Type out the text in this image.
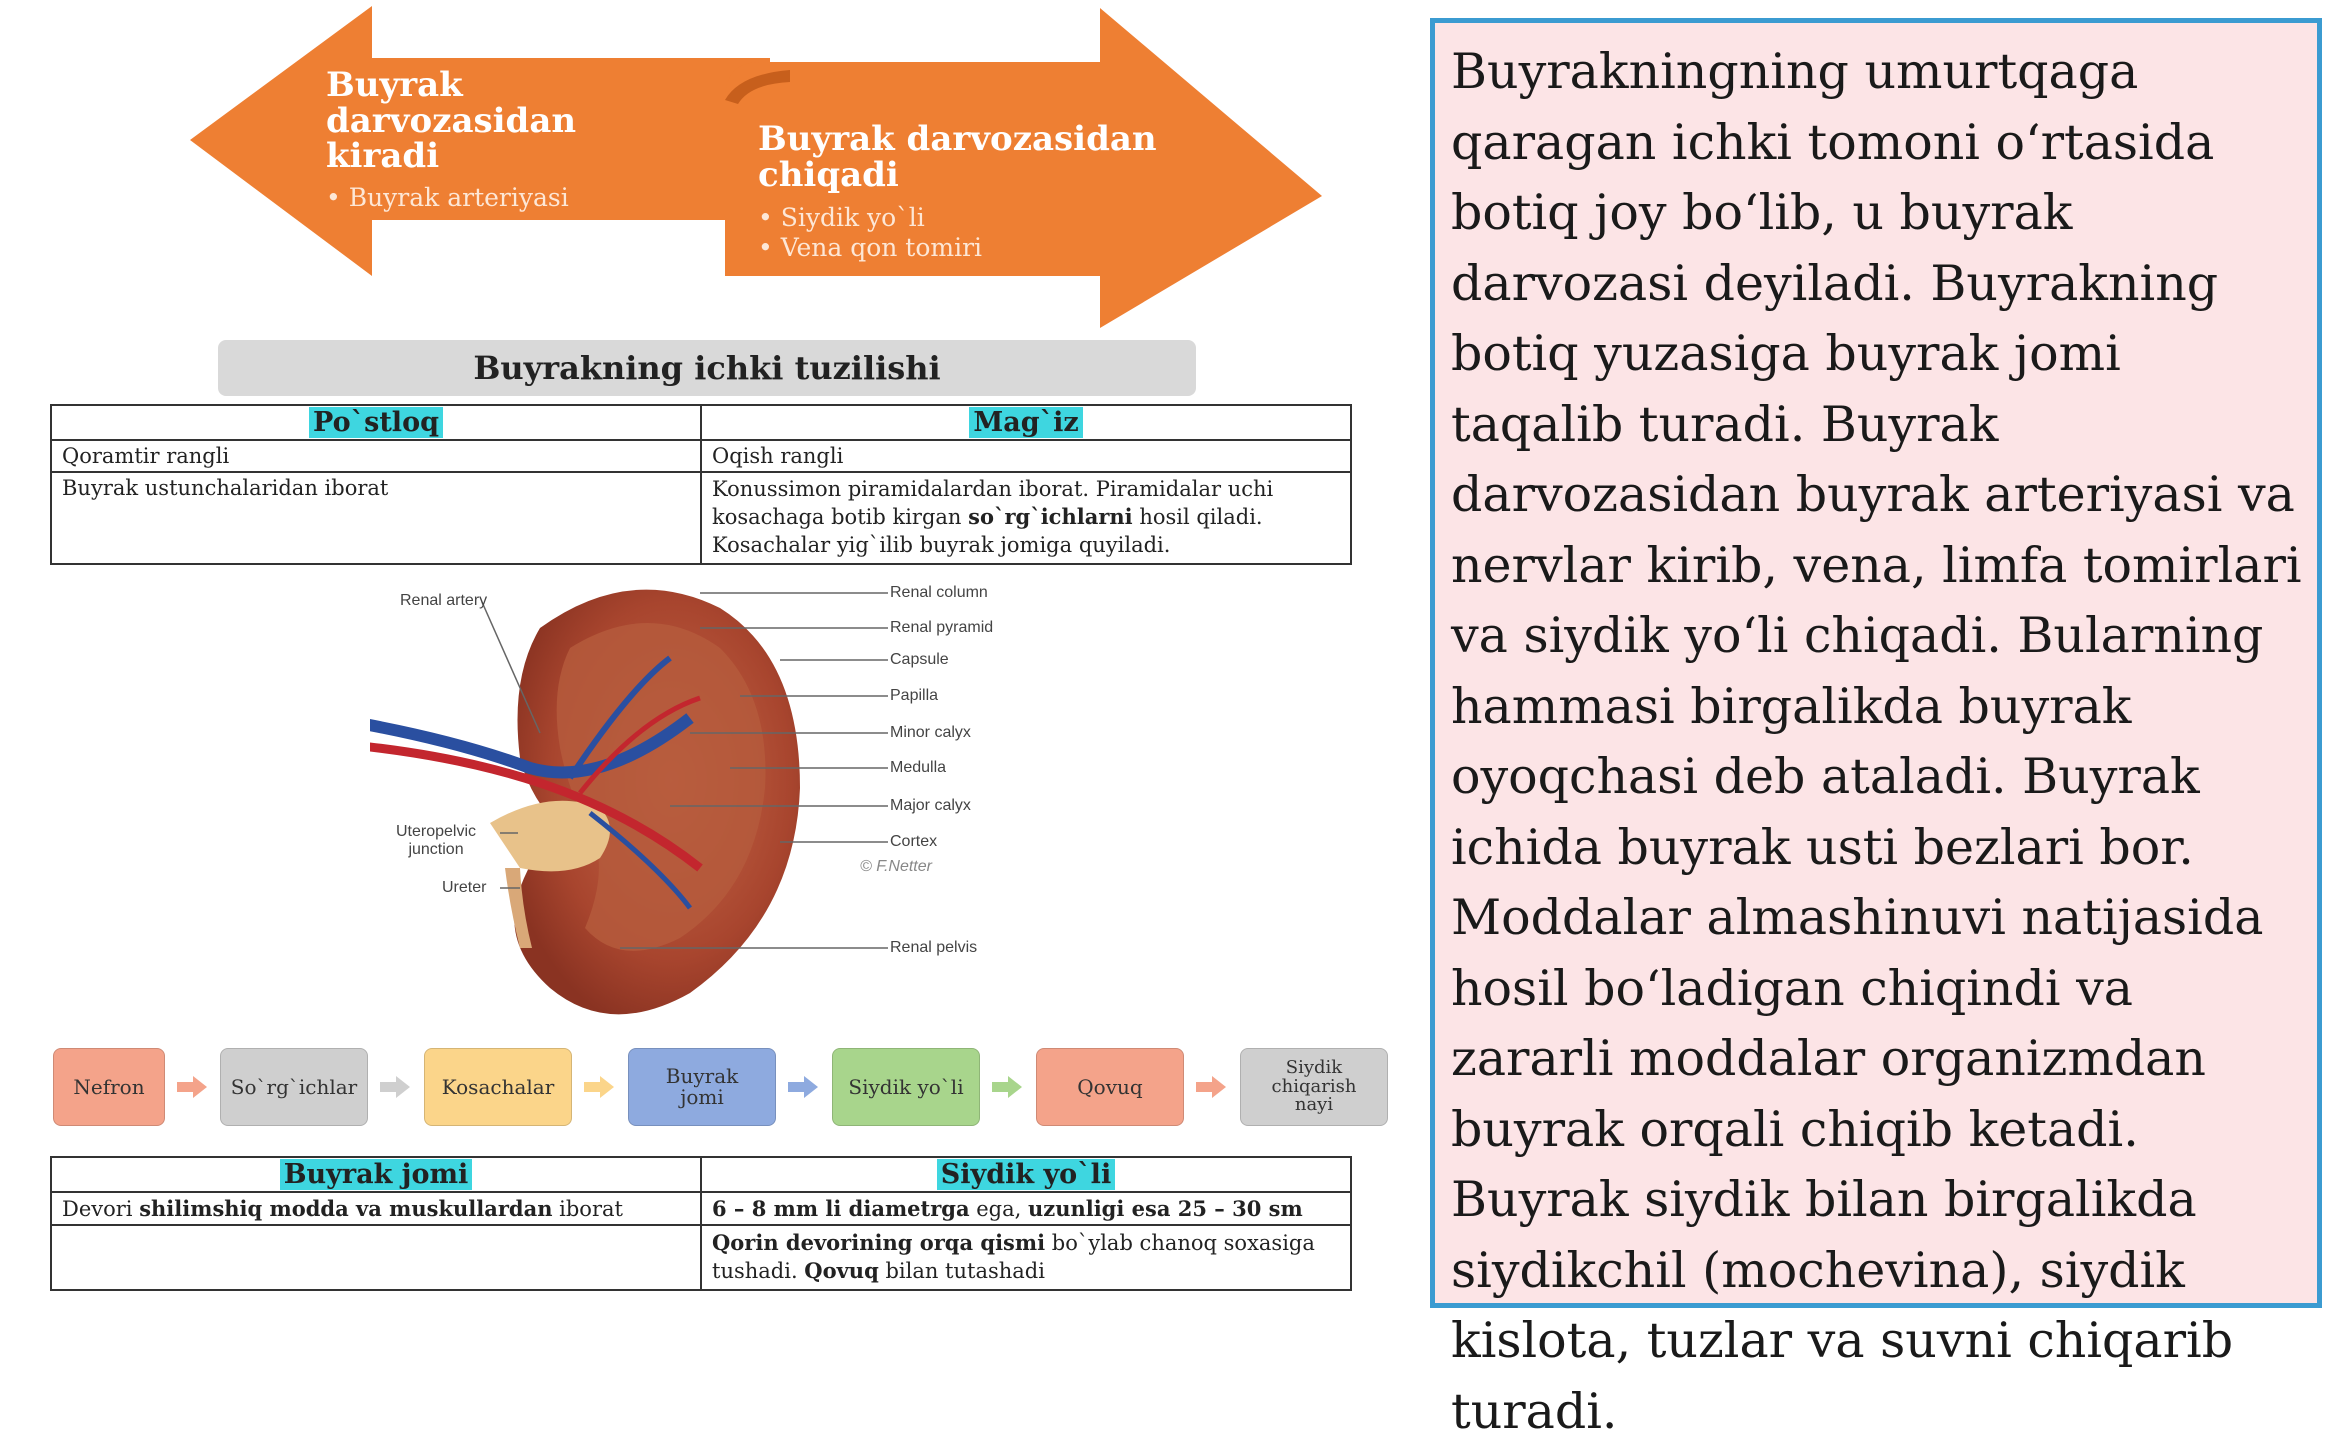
Buyrak
darvozasidan
kiradi
• Buyrak arteriyasi
Buyrak darvozasidan
chiqadi
• Siydik yo`li
• Vena qon tomiri
Buyrakning ichki tuzilishi
Po`stloq	Mag`iz
Qoramtir rangli	Oqish rangli
Buyrak ustunchalaridan iborat	Konussimon piramidalardan iborat. Piramidalar uchi kosachaga botib kirgan so`rg`ichlarni hosil qiladi. Kosachalar yig`ilib buyrak jomiga quyiladi.
Renal artery	Renal column
Renal pyramid
Capsule
Papilla
Minor calyx
Medulla
Major calyx
Cortex
© F.Netter
Renal pelvis
Uteropelvic
junction
Ureter
Nefron	So`rg`ichlar	Kosachalar	Buyrak
jomi	Siydik yo`li	Qovuq
Siydik
chiqarish
nayi
Buyrak jomi	Siydik yo`li
Devori shilimshiq modda va muskullardan iborat	6 – 8 mm li diametrga ega, uzunligi esa 25 – 30 sm
	Qorin devorining orqa qismi bo`ylab chanoq soxasiga tushadi. Qovuq bilan tutashadi

Buyrakningning umurtqaga qaragan ichki tomoni o‘rtasida botiq joy bo‘lib, u buyrak darvozasi deyiladi. Buyrakning botiq yuzasiga buyrak jomi taqalib turadi. Buyrak darvozasidan buyrak arteriyasi va nervlar kirib, vena, limfa tomirlari va siydik yo‘li chiqadi. Bularning hammasi birgalikda buyrak oyoqchasi deb ataladi. Buyrak ichida buyrak usti bezlari bor. Moddalar almashinuvi natijasida hosil bo‘ladigan chiqindi va zararli moddalar organizmdan buyrak orqali chiqib ketadi. Buyrak siydik bilan birgalikda siydikchil (mochevina), siydik kislota, tuzlar va suvni chiqarib turadi.
